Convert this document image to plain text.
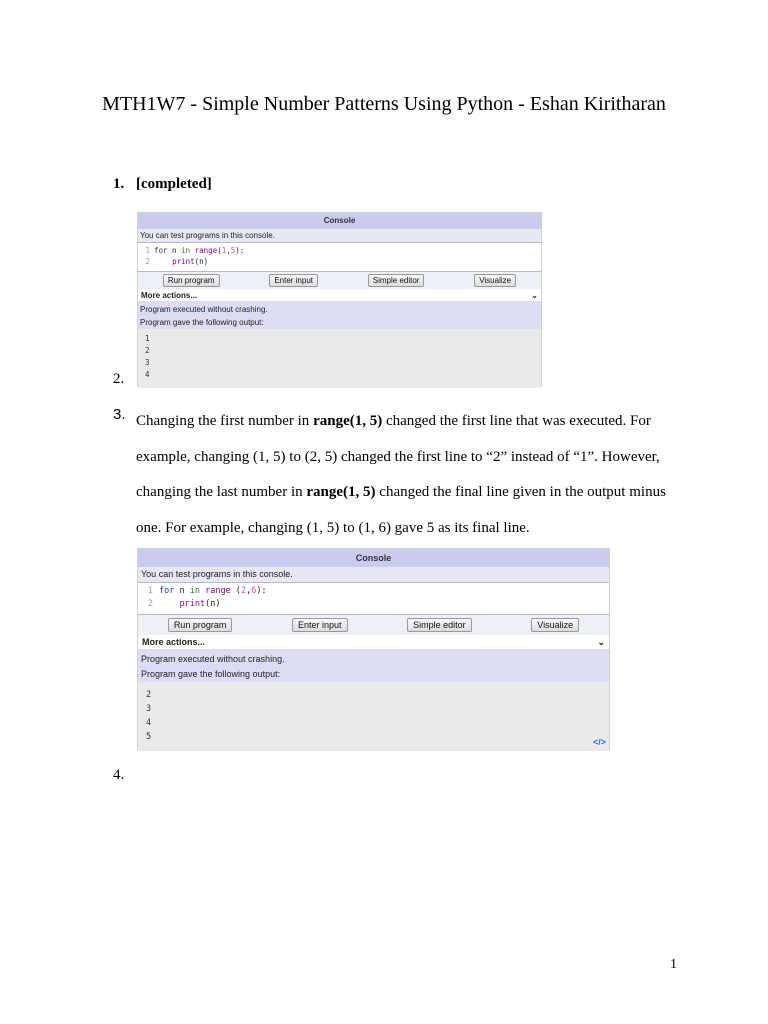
MTH1W7 - Simple Number Patterns Using Python - Eshan Kiritharan
1. [completed]
Console
You can test programs in this console.
1 for n in range(1,5):
2	print(n)
Run program	Enter input	Simple editor	Visualize
More actions...	⌄
Program executed without crashing.
Program gave the following output:
1
2
3
4
2.
3. Changing the first number in range(1, 5) changed the first line that was executed. For example, changing (1, 5) to (2, 5) changed the first line to “2” instead of “1”. However, changing the last number in range(1, 5) changed the final line given in the output minus one. For example, changing (1, 5) to (1, 6) gave 5 as its final line.
Console
You can test programs in this console.
1 for n in range (2,6):
2	print(n)
Run program	Enter input	Simple editor	Visualize
More actions...	⌄
Program executed without crashing.
Program gave the following output:
2
3
4
5	</>
4.
1
